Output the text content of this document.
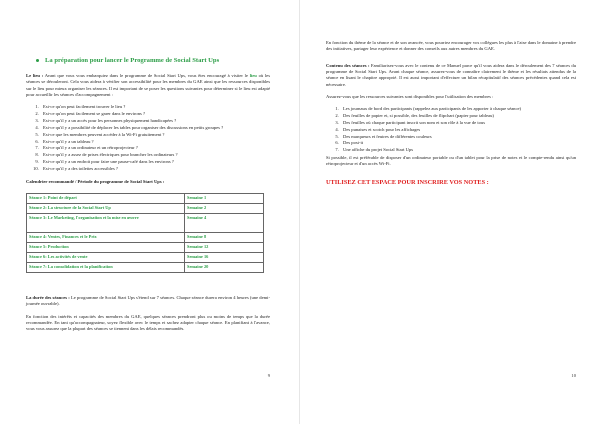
La préparation pour lancer le Programme de Social Start Ups

Le lieu : Avant que vous vous embarquiez dans le programme de Social Start Ups, vous êtes encouragé à visiter le lieu où les séances se dérouleront. Cela vous aidera à vérifier son accessibilité pour les membres du GAE ainsi que les ressources disponibles sur le lieu pour mieux organiser les séances. Il est important de se poser les questions suivantes pour déterminer si le lieu est adapté pour accueillir les séances d'accompagnement :

1. Est-ce qu'on peut facilement trouver le lieu ?
2. Est-ce qu'on peut facilement se garer dans le environs ?
3. Est-ce qu'il y a un accès pour les personnes physiquement handicapées ?
4. Est-ce qu'il y a possibilité de déplacer les tables pour organiser des discussions en petits groupes ?
5. Est-ce que les membres peuvent accéder à la Wi-Fi gratuitement ?
6. Est-ce qu'il y a un tableau ?
7. Est-ce qu'il y a un ordinateur et un rétroprojecteur ?
8. Est-ce qu'il y a assez de prises électriques pour brancher les ordinateurs ?
9. Est-ce qu'il y a un endroit pour faire une pause-café dans les environs ?
10. Est-ce qu'il y a des toilettes accessibles ?
Calendrier recommandé / Période du programme de Social Start Ups :
Séance 1: Point de départ	Semaine 1
Séance 2: La structure de la Social Start Up	Semaine 2
Séance 3: Le Marketing, l'organisation et la mise en œuvre	Semaine 4
Séance 4: Ventes, Finances et le Prix	Semaine 8
Séance 5: Production	Semaine 12
Séance 6: Les activités de vente	Semaine 16
Séance 7: La consolidation et la planification	Semaine 20

La durée des séances : Le programme de Social Start Ups s'étend sur 7 séances. Chaque séance durera environ 4 heures (une demi-journée ouvrable).

En fonction des intérêts et capacités des membres du GAE, quelques séances prendront plus ou moins de temps que la durée recommandée. En tant qu'accompagnateur, soyez flexible avec le temps et sachez adapter chaque séance. En planifiant à l'avance, vous vous assurez que la plupart des séances se tiennent dans les délais recommandés.

9

En fonction du thème de la séance et de son avancée, vous pourriez encourager vos collègues les plus à l'aise dans le domaine à prendre des initiatives, partager leur expérience et donner des conseils aux autres membres du GAE.

Contenu des séances : Familiarisez-vous avec le contenu de ce Manuel parce qu'il vous aidera dans le déroulement des 7 séances du programme de Social Start Ups. Avant chaque séance, assurez-vous de connaître clairement le thème et les résultats attendus de la séance en lisant le chapitre approprié. Il est aussi important d'effectuer un bilan récapitulatif des séances précédentes quand cela est nécessaire.

Assurez-vous que les ressources suivantes sont disponibles pour l'utilisation des membres :

1. Les journaux de bord des participants (rappelez aux participants de les apporter à chaque séance)
2. Des feuilles de papier et, si possible, des feuilles de flipchart (papier pour tableau)
3. Des feuilles où chaque participant inscrit son nom et son rôle à la vue de tous
4. Des punaises et scotch pour les affichages
5. Des marqueurs et feutres de différentes couleurs
6. Des post-it
7. Une affiche du projet Social Start Ups

Si possible, il est préférable de disposer d'un ordinateur portable ou d'un tablet pour la prise de notes et le compte-rendu ainsi qu'un rétroprojecteur et d'un accès Wi-Fi.

UTILISEZ CET ESPACE POUR INSCRIRE VOS NOTES :
10
